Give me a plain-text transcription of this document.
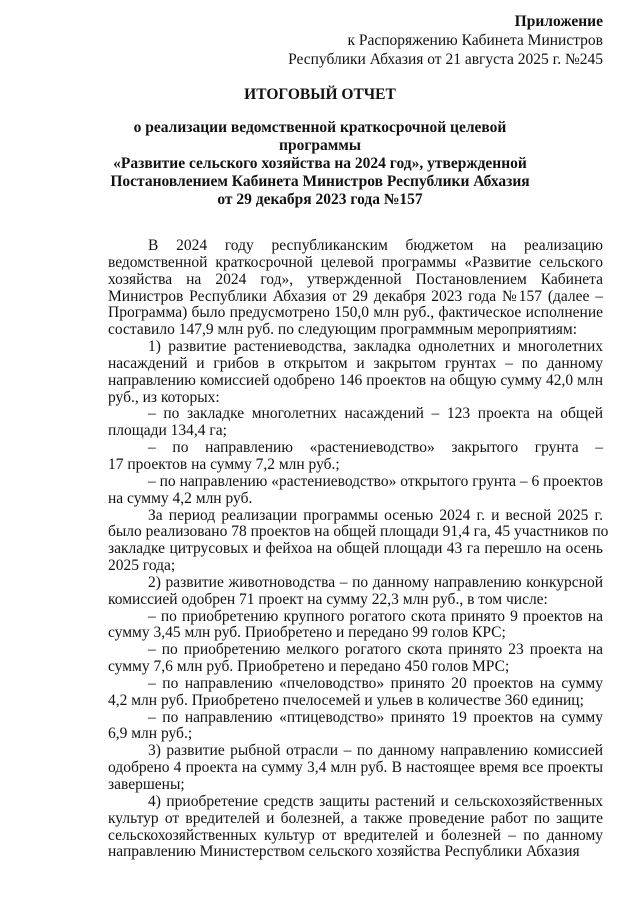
Приложение
к Распоряжению Кабинета Министров
Республики Абхазия от 21 августа 2025 г. №245
ИТОГОВЫЙ ОТЧЕТ
о реализации ведомственной краткосрочной целевой программы
«Развитие сельского хозяйства на 2024 год», утвержденной
Постановлением Кабинета Министров Республики Абхазия
от 29 декабря 2023 года №157
В 2024 году республиканским бюджетом на реализацию
ведомственной краткосрочной целевой программы «Развитие сельского
хозяйства на 2024 год», утвержденной Постановлением Кабинета
Министров Республики Абхазия от 29 декабря 2023 года №157 (далее –
Программа) было предусмотрено 150,0 млн руб., фактическое исполнение
составило 147,9 млн руб. по следующим программным мероприятиям:
1) развитие растениеводства, закладка однолетних и многолетних
насаждений и грибов в открытом и закрытом грунтах – по данному
направлению комиссией одобрено 146 проектов на общую сумму 42,0 млн
руб., из которых:
– по закладке многолетних насаждений – 123 проекта на общей
площади 134,4 га;
– по направлению «растениеводство» закрытого грунта –
17 проектов на сумму 7,2 млн руб.;
– по направлению «растениеводство» открытого грунта – 6 проектов
на сумму 4,2 млн руб.
За период реализации программы осенью 2024 г. и весной 2025 г.
было реализовано 78 проектов на общей площади 91,4 га, 45 участников по
закладке цитрусовых и фейхоа на общей площади 43 га перешло на осень
2025 года;
2) развитие животноводства – по данному направлению конкурсной
комиссией одобрен 71 проект на сумму 22,3 млн руб., в том числе:
– по приобретению крупного рогатого скота принято 9 проектов на
сумму 3,45 млн руб. Приобретено и передано 99 голов КРС;
– по приобретению мелкого рогатого скота принято 23 проекта на
сумму 7,6 млн руб. Приобретено и передано 450 голов МРС;
– по направлению «пчеловодство» принято 20 проектов на сумму
4,2 млн руб. Приобретено пчелосемей и ульев в количестве 360 единиц;
– по направлению «птицеводство» принято 19 проектов на сумму
6,9 млн руб.;
3) развитие рыбной отрасли – по данному направлению комиссией
одобрено 4 проекта на сумму 3,4 млн руб. В настоящее время все проекты
завершены;
4) приобретение средств защиты растений и сельскохозяйственных
культур от вредителей и болезней, а также проведение работ по защите
сельскохозяйственных культур от вредителей и болезней – по данному
направлению Министерством сельского хозяйства Республики Абхазия
